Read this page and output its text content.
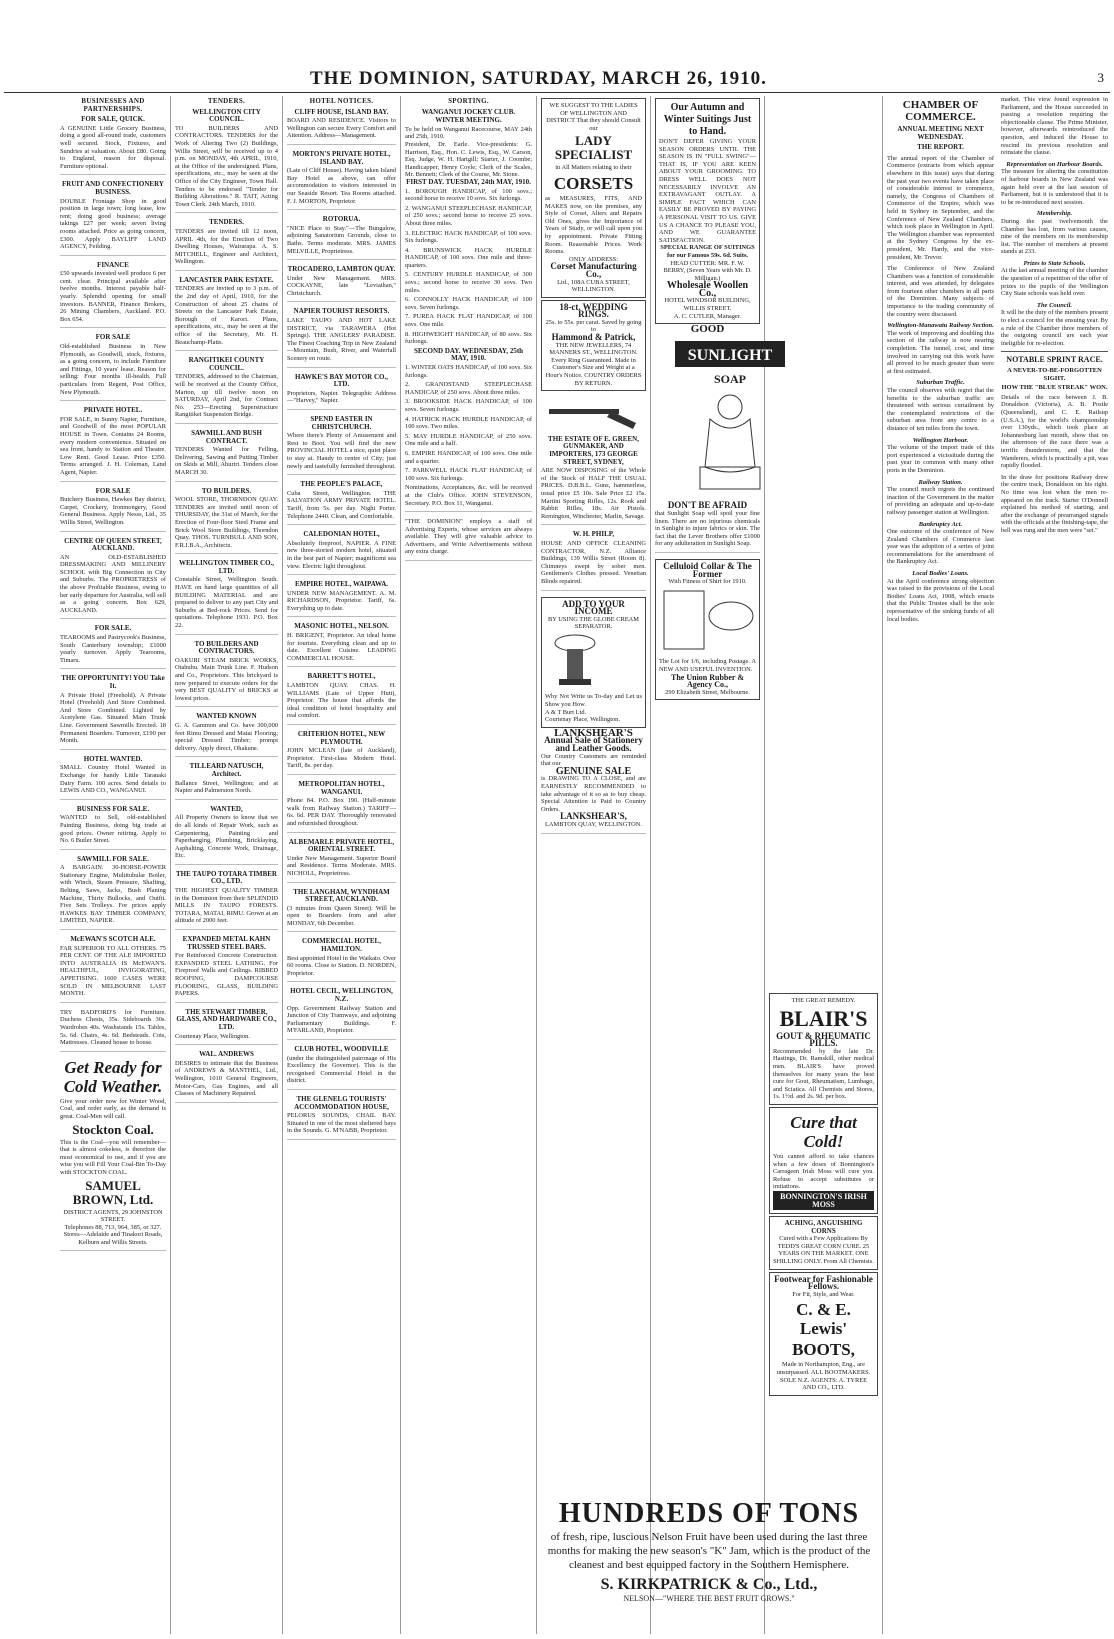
THE DOMINION, SATURDAY, MARCH 26, 1910.	3
BUSINESSES AND PARTNERSHIPS.
FOR SALE, QUICK.

A GENUINE Little Grocery Business, doing a good all-round trade, customers well secured. Stock, Fixtures, and Sundries at valuation. About £80. Going to England, reason for disposal. Furniture optional.

FRUIT AND CONFECTIONERY BUSINESS.

DOUBLE Frontage Shop in good position in large town; long lease, low rent; doing good business; average takings £27 per week; seven living rooms attached. Price as going concern, £300. Apply BAYLIFF LAND AGENCY, Feilding.

FINANCE

£50 upwards invested well produce 6 per cent. clear. Principal available after twelve months. Interest payable half-yearly. Splendid opening for small investors. BANNER, Finance Brokers, 26 Mining Chambers, Auckland. P.O. Box 654.

FOR SALE

Old-established Business in New Plymouth, as Goodwill, stock, fixtures, as a going concern, to include Furniture and Fittings, 10 years' lease. Reason for selling: Four months ill-health. Full particulars from Regent, Post Office, New Plymouth.

PRIVATE HOTEL.

FOR SALE, in Sunny Napier, Furniture, and Goodwill of the most POPULAR HOUSE in Town. Contains 24 Rooms, every modern convenience. Situated on sea front, handy to Station and Theatre. Low Rent. Good Lease. Price £350. Terms arranged. J. H. Coleman, Land Agent, Napier.

FOR SALE

Butchery Business, Hawkes Bay district, Carpet, Crockery, Ironmongery, Good General Business. Apply Nesss, Ltd., 35 Willis Street, Wellington.

CENTRE OF QUEEN STREET, AUCKLAND.

AN OLD-ESTABLISHED DRESSMAKING AND MILLINERY SCHOOL with Big Connection in City and Suburbs. The PROPRIETRESS of the above Profitable Business, owing to her early departure for Australia, will sell as a going concern. Box 629, AUCKLAND.

FOR SALE.

TEAROOMS and Pastrycook's Business, South Canterbury township; £1000 yearly turnover. Apply Tearooms, Timaru.

THE OPPORTUNITY! YOU Take It.

A Private Hotel (Freehold). A Private Hotel (Freehold) And Store Combined. And Store Combined. Lighted by Acetylene Gas. Situated Main Trunk Line. Government Sawmills Erected. 18 Permanent Boarders. Turnover, £190 per Month.

HOTEL WANTED.

SMALL Country Hotel Wanted in Exchange for handy Little Taranaki Dairy Farm. 100 acres. Send details to LEWIS AND CO., WANGANUI.

BUSINESS FOR SALE.

WANTED to Sell, old-established Painting Business, doing big trade at good prices. Owner retiring. Apply to No. 6 Butler Street.

SAWMILL FOR SALE.

A BARGAIN. 30-HORSE-POWER Stationary Engine, Multitubular Boiler, with Winch, Steam Pressure, Shafting, Belting, Saws, Jacks, Bush Planing Machine, Thirty Bullocks, and Outfit. Five Sets Trolleys. For prices apply HAWKES BAY TIMBER COMPANY, LIMITED, NAPIER.

McEWAN'S SCOTCH ALE.

FAR SUPERIOR TO ALL OTHERS. 75 PER CENT. OF THE ALE IMPORTED INTO AUSTRALIA IS McEWAN'S. HEALTHFUL, INVIGORATING, APPETISING. 1600 CASES WERE SOLD IN MELBOURNE LAST MONTH.

TRY BADFORD'S for Furniture. Duchess Chests, 35s. Sideboards 30s. Wardrobes 40s. Washstands 15s. Tables, 5s. 6d. Chairs, 4s. 6d. Bedsteads. Cots, Mattresses. Cleaned house to house.

Get Ready for Cold Weather.

Give your order now for Winter Wood, Coal, and order early, as the demand is great. Coal-Men will call.

Stockton Coal.

This is the Coal—you will remember—that is almost cokeless, is therefore the most economical to use, and if you are wise you will Fill Your Coal-Bin To-Day with STOCKTON COAL.

SAMUEL BROWN, Ltd.

DISTRICT AGENTS, 29 JOHNSTON STREET.

Telephones 88, 713, 964, 385, or 327.

Stores—Adelaide and Tinakori Roads, Kelburn and Willis Streets.

TENDERS.
WELLINGTON CITY COUNCIL.

TO BUILDERS AND CONTRACTORS. TENDERS for the Work of Altering Two (2) Buildings, Willis Street, will be received up to 4 p.m. on MONDAY, 4th APRIL, 1910, at the Office of the undersigned. Plans, specifications, etc., may be seen at the Office of the City Engineer, Town Hall. Tenders to be endorsed "Tender for Building Alterations." R. TAIT, Acting Town Clerk. 24th March, 1910.

TENDERS.

TENDERS are invited till 12 noon, APRIL 4th, for the Erection of Two Dwelling Houses, Wairarapa. A. S. MITCHELL, Engineer and Architect, Wellington.

LANCASTER PARK ESTATE.

TENDERS are invited up to 3 p.m. of the 2nd day of April, 1910, for the Construction of about 25 chains of Streets on the Lancaster Park Estate, Borough of Karori. Plans, specifications, etc., may be seen at the office of the Secretary, Mr. H. Beauchamp-Platts.

RANGITIKEI COUNTY COUNCIL.

TENDERS, addressed to the Chairman, will be received at the County Office, Marton, up till twelve noon on SATURDAY, April 2nd, for Contract No. 253—Erecting Superstructure Rangitikei Suspension Bridge.

SAWMILL AND BUSH CONTRACT.

TENDERS Wanted for Felling, Delivering, Sawing and Putting Timber on Skids at Mill, Ahuriri. Tenders close MARCH 30.

TO BUILDERS.

WOOL STORE, THORNDON QUAY. TENDERS are invited until noon of THURSDAY, the 31st of March, for the Erection of Four-floor Steel Frame and Brick Wool Store Buildings, Thorndon Quay. THOS. TURNBULL AND SON, F.R.I.B.A., Architects.

WELLINGTON TIMBER CO., LTD.

Constable Street, Wellington South. HAVE on hand large quantities of all BUILDING MATERIAL and are prepared to deliver to any part City and Suburbs at Bed-rock Prices. Send for quotations. Telephone 1931. P.O. Box 22.

TO BUILDERS AND CONTRACTORS.

OAKURI STEAM BRICK WORKS, Otahuhu. Main Trunk Line. F. Hudson and Co., Proprietors. This brickyard is now prepared to execute orders for the very BEST QUALITY of BRICKS at lowest prices.

WANTED KNOWN

G. A. Gammon and Co. have 300,000 feet Rimu Dressed and Matai Flooring; special Dressed Timber; prompt delivery. Apply direct, Ohakune.

TILLEARD NATUSCH, Architect.

Ballance Street, Wellington; and at Napier and Palmerston North.

WANTED,

All Property Owners to know that we do all kinds of Repair Work, such as Carpentering, Painting and Paperhanging, Plumbing, Bricklaying, Asphalting, Concrete Work, Drainage, Etc.

THE TAUPO TOTARA TIMBER CO., LTD.

THE HIGHEST QUALITY TIMBER in the Dominion from their SPLENDID MILLS IN TAUPO FORESTS. TOTARA, MATAI, RIMU. Grown at an altitude of 2000 feet.

EXPANDED METAL KAHN TRUSSED STEEL BARS.

For Reinforced Concrete Construction. EXPANDED STEEL LATHING. For Fireproof Walls and Ceilings. RIBBED ROOFING, DAMPCOURSE FLOORING, GLASS, BUILDING PAPERS.

THE STEWART TIMBER, GLASS, AND HARDWARE CO., LTD.

Courtenay Place, Wellington.

WAL. ANDREWS

DESIRES to intimate that the Business of ANDREWS & MANTHEL, Ltd., Wellington, 1010 General Engineers, Motor-Cars, Gas Engines, and all Classes of Machinery Repaired.

HOTEL NOTICES.
CLIFF HOUSE, ISLAND BAY.

BOARD AND RESIDENCE. Visitors to Wellington can secure Every Comfort and Attention. Address—Management.

MORTON'S PRIVATE HOTEL, ISLAND BAY.

(Late of Cliff House). Having taken Island Bay Hotel as above, can offer accommodation to visitors interested in our Seaside Resort. Tea Rooms attached. F. J. MORTON, Proprietor.

ROTORUA.

"NICE Place to Stay."—The Bungalow, adjoining Sanatorium Grounds, close to Baths. Terms moderate. MRS. JAMES MELVILLE, Proprietress.

TROCADERO, LAMBTON QUAY.

Under New Management. MRS. COCKAYNE, late "Leviathan," Christchurch.

NAPIER TOURIST RESORTS.

LAKE TAUPO AND HOT LAKE DISTRICT, via TARAWERA (Hot Springs). THE ANGLERS' PARADISE. The Finest Coaching Trip in New Zealand—Mountain, Bush, River, and Waterfall Scenery en route.

HAWKE'S BAY MOTOR CO., LTD.

Proprietors, Napier. Telegraphic Address—"Harvey," Napier.

SPEND EASTER IN CHRISTCHURCH.

Where there's Plenty of Amusement and Rest to Boot. You will find the new PROVINCIAL HOTEL a nice, quiet place to stay at. Handy to centre of City; just newly and tastefully furnished throughout.

THE PEOPLE'S PALACE,

Cuba Street, Wellington. THE SALVATION ARMY PRIVATE HOTEL. Tariff, from 5s. per day. Night Porter. Telephone 2440. Clean, and Comfortable.

CALEDONIAN HOTEL,

Absolutely fireproof, NAPIER. A FINE new three-storied modern hotel, situated in the best part of Napier; magnificent sea view. Electric light throughout.

EMPIRE HOTEL, WAIPAWA.

UNDER NEW MANAGEMENT. A. M. RICHARDSON, Proprietor. Tariff, 6s. Everything up to date.

MASONIC HOTEL, NELSON.

H. BRIGENT, Proprietor. An ideal home for tourists. Everything clean and up to date. Excellent Cuisine. LEADING COMMERCIAL HOUSE.

BARRETT'S HOTEL,

LAMBTON QUAY. CHAS. H. WILLIAMS (Late of Upper Hutt), Proprietor. The house that affords the ideal condition of hotel hospitality and real comfort.

CRITERION HOTEL, NEW PLYMOUTH.

JOHN MCLEAN (late of Auckland), Proprietor. First-class Modern Hotel. Tariff, 8s. per day.

METROPOLITAN HOTEL, WANGANUI.

Phone 84. P.O. Box 190. (Half-minute walk from Railway Station.) TARIFF—6s. 6d. PER DAY. Thoroughly renovated and refurnished throughout.

ALBEMARLE PRIVATE HOTEL, ORIENTAL STREET.

Under New Management. Superior Board and Residence. Terms Moderate. MRS. NICHOLL, Proprietress.

THE LANGHAM, WYNDHAM STREET, AUCKLAND.

(3 minutes from Queen Street). Will be open to Boarders from and after MONDAY, 6th December.

COMMERCIAL HOTEL, HAMILTON.

Best appointed Hotel in the Waikato. Over 60 rooms. Close to Station. D. NORDEN, Proprietor.

HOTEL CECIL, WELLINGTON, N.Z.

Opp. Government Railway Station and Junction of City Tramways, and adjoining Parliamentary Buildings. F. M'FARLAND, Proprietor.

CLUB HOTEL, WOODVILLE

(under the distinguished patronage of His Excellency the Governor). This is the recognised Commercial Hotel in the district.

THE GLENELG TOURISTS' ACCOMMODATION HOUSE,

PELORUS SOUNDS, CHAIL BAY. Situated in one of the most sheltered bays in the Sounds. G. M'NABB, Proprietor.

SPORTING.
WANGANUI JOCKEY CLUB.
WINTER MEETING.

To be held on Wanganui Racecourse, MAY 24th and 25th, 1910.

President, Dr. Earle. Vice-presidents: G. Harrison, Esq., Hon. C. Lewis, Esq., W. Carson, Esq. Judge, W. H. Hartgill; Starter, J. Coombe; Handicapper, Henry Coyle; Clerk of the Scales, Mr. Bennett; Clerk of the Course, Mr. Stone.

FIRST DAY. TUESDAY, 24th MAY, 1910.

1. BOROUGH HANDICAP, of 100 sovs.; second horse to receive 10 sovs. Six furlongs.

2. WANGANUI STEEPLECHASE HANDICAP, of 250 sovs.; second horse to receive 25 sovs. About three miles.

3. ELECTRIC HACK HANDICAP, of 100 sovs. Six furlongs.

4. BRUNSWICK HACK HURDLE HANDICAP, of 100 sovs. One mile and three-quarters.

5. CENTURY HURDLE HANDICAP, of 300 sovs.; second horse to receive 30 sovs. Two miles.

6. CONNOLLY HACK HANDICAP, of 100 sovs. Seven furlongs.

7. PUREA HACK FLAT HANDICAP, of 100 sovs. One mile.

8. HIGHWEIGHT HANDICAP, of 80 sovs. Six furlongs.

SECOND DAY. WEDNESDAY, 25th MAY, 1910.

1. WINTER OATS HANDICAP, of 100 sovs. Six furlongs.

2. GRANDSTAND STEEPLECHASE HANDICAP, of 250 sovs. About three miles.

3. BROOKSIDE HACK HANDICAP, of 100 sovs. Seven furlongs.

4. HATRICK HACK HURDLE HANDICAP, of 100 sovs. Two miles.

5. MAY HURDLE HANDICAP, of 250 sovs. One mile and a half.

6. EMPIRE HANDICAP, of 100 sovs. One mile and a quarter.

7. PARKWELL HACK FLAT HANDICAP, of 100 sovs. Six furlongs.

Nominations, Acceptances, &c. will be received at the Club's Office. JOHN STEVENSON, Secretary. P.O. Box 11, Wanganui.

"THE DOMINION" employs a staff of Advertising Experts, whose services are always available. They will give valuable advice to Advertisers, and Write Advertisements without any extra charge.

WE SUGGEST TO THE LADIES OF WELLINGTON AND DISTRICT That they should Consult our

LADY SPECIALIST

in All Matters relating to their

CORSETS

as MEASURES, FITS, AND MAKES now, on the premises, any Style of Corset, Alters and Repairs Old Ones, gives the Importance of Years of Study, or will call upon you by appointment. Private Fitting Room. Reasonable Prices. Work Rooms.

ONLY ADDRESS:

Corset Manufacturing Co.,

Ltd., 108A CUBA STREET, WELLINGTON.

18-ct. WEDDING RINGS.

25s. to 55s. per carat. Saved by going to

Hammond & Patrick,

THE NEW JEWELLERS, 74 MANNERS ST., WELLINGTON.

Every Ring Guaranteed. Made in Customer's Size and Weight at a Hour's Notice. COUNTRY ORDERS BY RETURN.

THE ESTATE OF E. GREEN, GUNMAKER, AND IMPORTERS, 173 GEORGE STREET, SYDNEY,

ARE NOW DISPOSING of the Whole of the Stock of HALF THE USUAL PRICES. D.B.B.L. Guns, hammerless, usual price £5 10s. Sale Price £2 15s. Martini Sporting Rifles, 12s. Rook and Rabbit Rifles, 18s. Air Pistols. Remington, Winchester, Marlin, Savage.

W. H. PHILP,

HOUSE AND OFFICE CLEANING CONTRACTOR, N.Z. Alliance Buildings, 139 Willis Street (Room 8). Chimneys swept by sober men. Gentlemen's Clothes pressed. Venetian Blinds repaired.

ADD TO YOUR INCOME

BY USING THE GLOBE CREAM SEPARATOR.

Why Not Write us To-day and Let us Show you How.

A & T Burt Ltd.

Courtenay Place, Wellington.

LANKSHEAR'S
Annual Sale of Stationery and Leather Goods.

Our Country Customers are reminded that our

GENUINE SALE

is DRAWING TO A CLOSE, and are EARNESTLY RECOMMENDED to take advantage of it so as to buy cheap. Special Attention is Paid to Country Orders.

LANKSHEAR'S,

LAMBTON QUAY, WELLINGTON.

Our Autumn and Winter Suitings Just to Hand.

DON'T DEFER GIVING YOUR SEASON ORDERS UNTIL THE SEASON IS IN "FULL SWING"—THAT IS, IF YOU ARE KEEN ABOUT YOUR GROOMING. TO DRESS WELL DOES NOT NECESSARILY INVOLVE AN EXTRAVAGANT OUTLAY. A SIMPLE FACT WHICH CAN EASILY BE PROVED BY PAYING A PERSONAL VISIT TO US. GIVE US A CHANCE TO PLEASE YOU, AND WE GUARANTEE SATISFACTION.

SPECIAL RANGE OF SUITINGS for our Famous 59s. 6d. Suits.

HEAD CUTTER: MR. F. W. BERRY, (Seven Years with Mr. D. Milligan.)

Wholesale Woollen Co.,

HOTEL WINDSOR BUILDING, WILLIS STREET.

A. C. CUTLER, Manager.

GOOD
SUNLIGHT
SOAP
DON'T BE AFRAID

that Sunlight Soap will spoil your fine linen. There are no injurious chemicals in Sunlight to injure fabrics or skin. The fact that the Lever Brothers offer £1000 for any adulteration in Sunlight Soap.

Celluloid Collar & The Former

With Fitness of Shirt for 1910.

The Lot for 1/6, including Postage. A NEW AND USEFUL INVENTION.

The Union Rubber & Agency Co.,

299 Elizabeth Street, Melbourne.

THE GREAT REMEDY.

BLAIR'S
GOUT & RHEUMATIC PILLS.

Recommended by the late Dr. Hastings, Dr. Ramskill, other medical men. BLAIR'S have proved themselves for many years the best cure for Gout, Rheumatism, Lumbago, and Sciatica. All Chemists and Stores, 1s. 1½d. and 2s. 9d. per box.

Cure that Cold!

You cannot afford to take chances when a few doses of Bonnington's Carrageen Irish Moss will cure you. Refuse to accept substitutes or imitations.

BONNINGTON'S IRISH MOSS
ACHING, ANGUISHING CORNS

Cured with a Few Applications By TEDD'S GREAT CORN CURE. 25 YEARS ON THE MARKET. ONE SHILLING ONLY. From All Chemists.

Footwear for Fashionable Fellows.

For Fit, Style, and Wear.

C. & E. Lewis'
BOOTS,

Made in Northampton, Eng., are unsurpassed. ALL BOOTMAKERS. SOLE N.Z. AGENTS: A. TYREE AND CO., LTD.

CHAMBER OF COMMERCE.
ANNUAL MEETING NEXT WEDNESDAY.
THE REPORT.

The annual report of the Chamber of Commerce (extracts from which appear elsewhere in this issue) says that during the past year two events have taken place of considerable interest to commerce, namely, the Congress of Chambers of Commerce of the Empire, which was held in Sydney in September, and the Conference of New Zealand Chambers, which took place in Wellington in April. The Wellington chamber was represented at the Sydney Congress by the ex-president, Mr. Hardy, and the vice-president, Mr. Trevor.

The Conference of New Zealand Chambers was a function of considerable interest, and was attended, by delegates from fourteen other chambers in all parts of the Dominion. Many subjects of importance to the trading community of the country were discussed.

Wellington-Manawatu Railway Section.

The work of improving and doubling this section of the railway is now nearing completion. The tunnel, cost, and time involved in carrying out this work have all proved to be much greater than were at first estimated.

Suburban Traffic.

The council observes with regret that the benefits to the suburban traffic are threatened with serious curtailment by the contemplated restrictions of the suburban area from any centre to a distance of ten miles from the town.

Wellington Harbour.

The volume of the import trade of this port experienced a vicissitude during the past year in common with many other ports in the Dominion.

Railway Station.

The council much regrets the continued inaction of the Government in the matter of providing an adequate and up-to-date railway passenger station at Wellington.

Bankruptcy Act.

One outcome of the conference of New Zealand Chambers of Commerce last year was the adoption of a series of joint recommendations for the amendment of the Bankruptcy Act.

Local Bodies' Loans.

At the April conference strong objection was raised to the provisions of the Local Bodies' Loans Act, 1908, which enacts that the Public Trustee shall be the sole representative of the sinking funds of all local bodies.

market. This view found expression in Parliament, and the House succeeded in passing a resolution requiring the objectionable clause. The Prime Minister, however, afterwards reintroduced the question, and induced the House to rescind its previous resolution and reinstate the clause.

Representation on Harbour Boards.

The measure for altering the constitution of harbour boards in New Zealand was again held over at the last session of Parliament, but it is understood that it is to be re-introduced next session.

Membership.

During the past twelvemonth the Chamber has lost, from various causes, nine of the members on its membership list. The number of members at present stands at 233.

Prizes to State Schools.

At the last annual meeting of the chamber the question of a repetition of the offer of prizes to the pupils of the Wellington City State schools was held over.

The Council.

It will be the duty of the members present to elect a council for the ensuing year. By a rule of the Chamber three members of the outgoing council are each year ineligible for re-election.

NOTABLE SPRINT RACE.
A NEVER-TO-BE-FORGOTTEN SIGHT.
HOW THE "BLUE STREAK" WON.

Details of the race between J. B. Donaldson (Victoria), A. B. Postle (Queensland), and C. E. Railsup (U.S.A.), for the world's championship over 130yds., which took place at Johannesburg last month, show that on the afternoon of the race there was a terrific thunderstorm, and that the Wanderers, which is practically a pit, was rapidly flooded.

In the draw for positions Railway drew the centre track, Donaldson on his right. No time was lost when the men re-appeared on the track. Starter O'Donnell explained his method of starting, and after the exchange of prearranged signals with the officials at the finishing-tape, the bell was rung and the men were "set."

HUNDREDS OF TONS
of fresh, ripe, luscious Nelson Fruit have been used during the last three months for making the new season's "K" Jam, which is the product of the cleanest and best equipped factory in the Southern Hemisphere.
S. KIRKPATRICK & Co., Ltd.,
NELSON—"WHERE THE BEST FRUIT GROWS."
